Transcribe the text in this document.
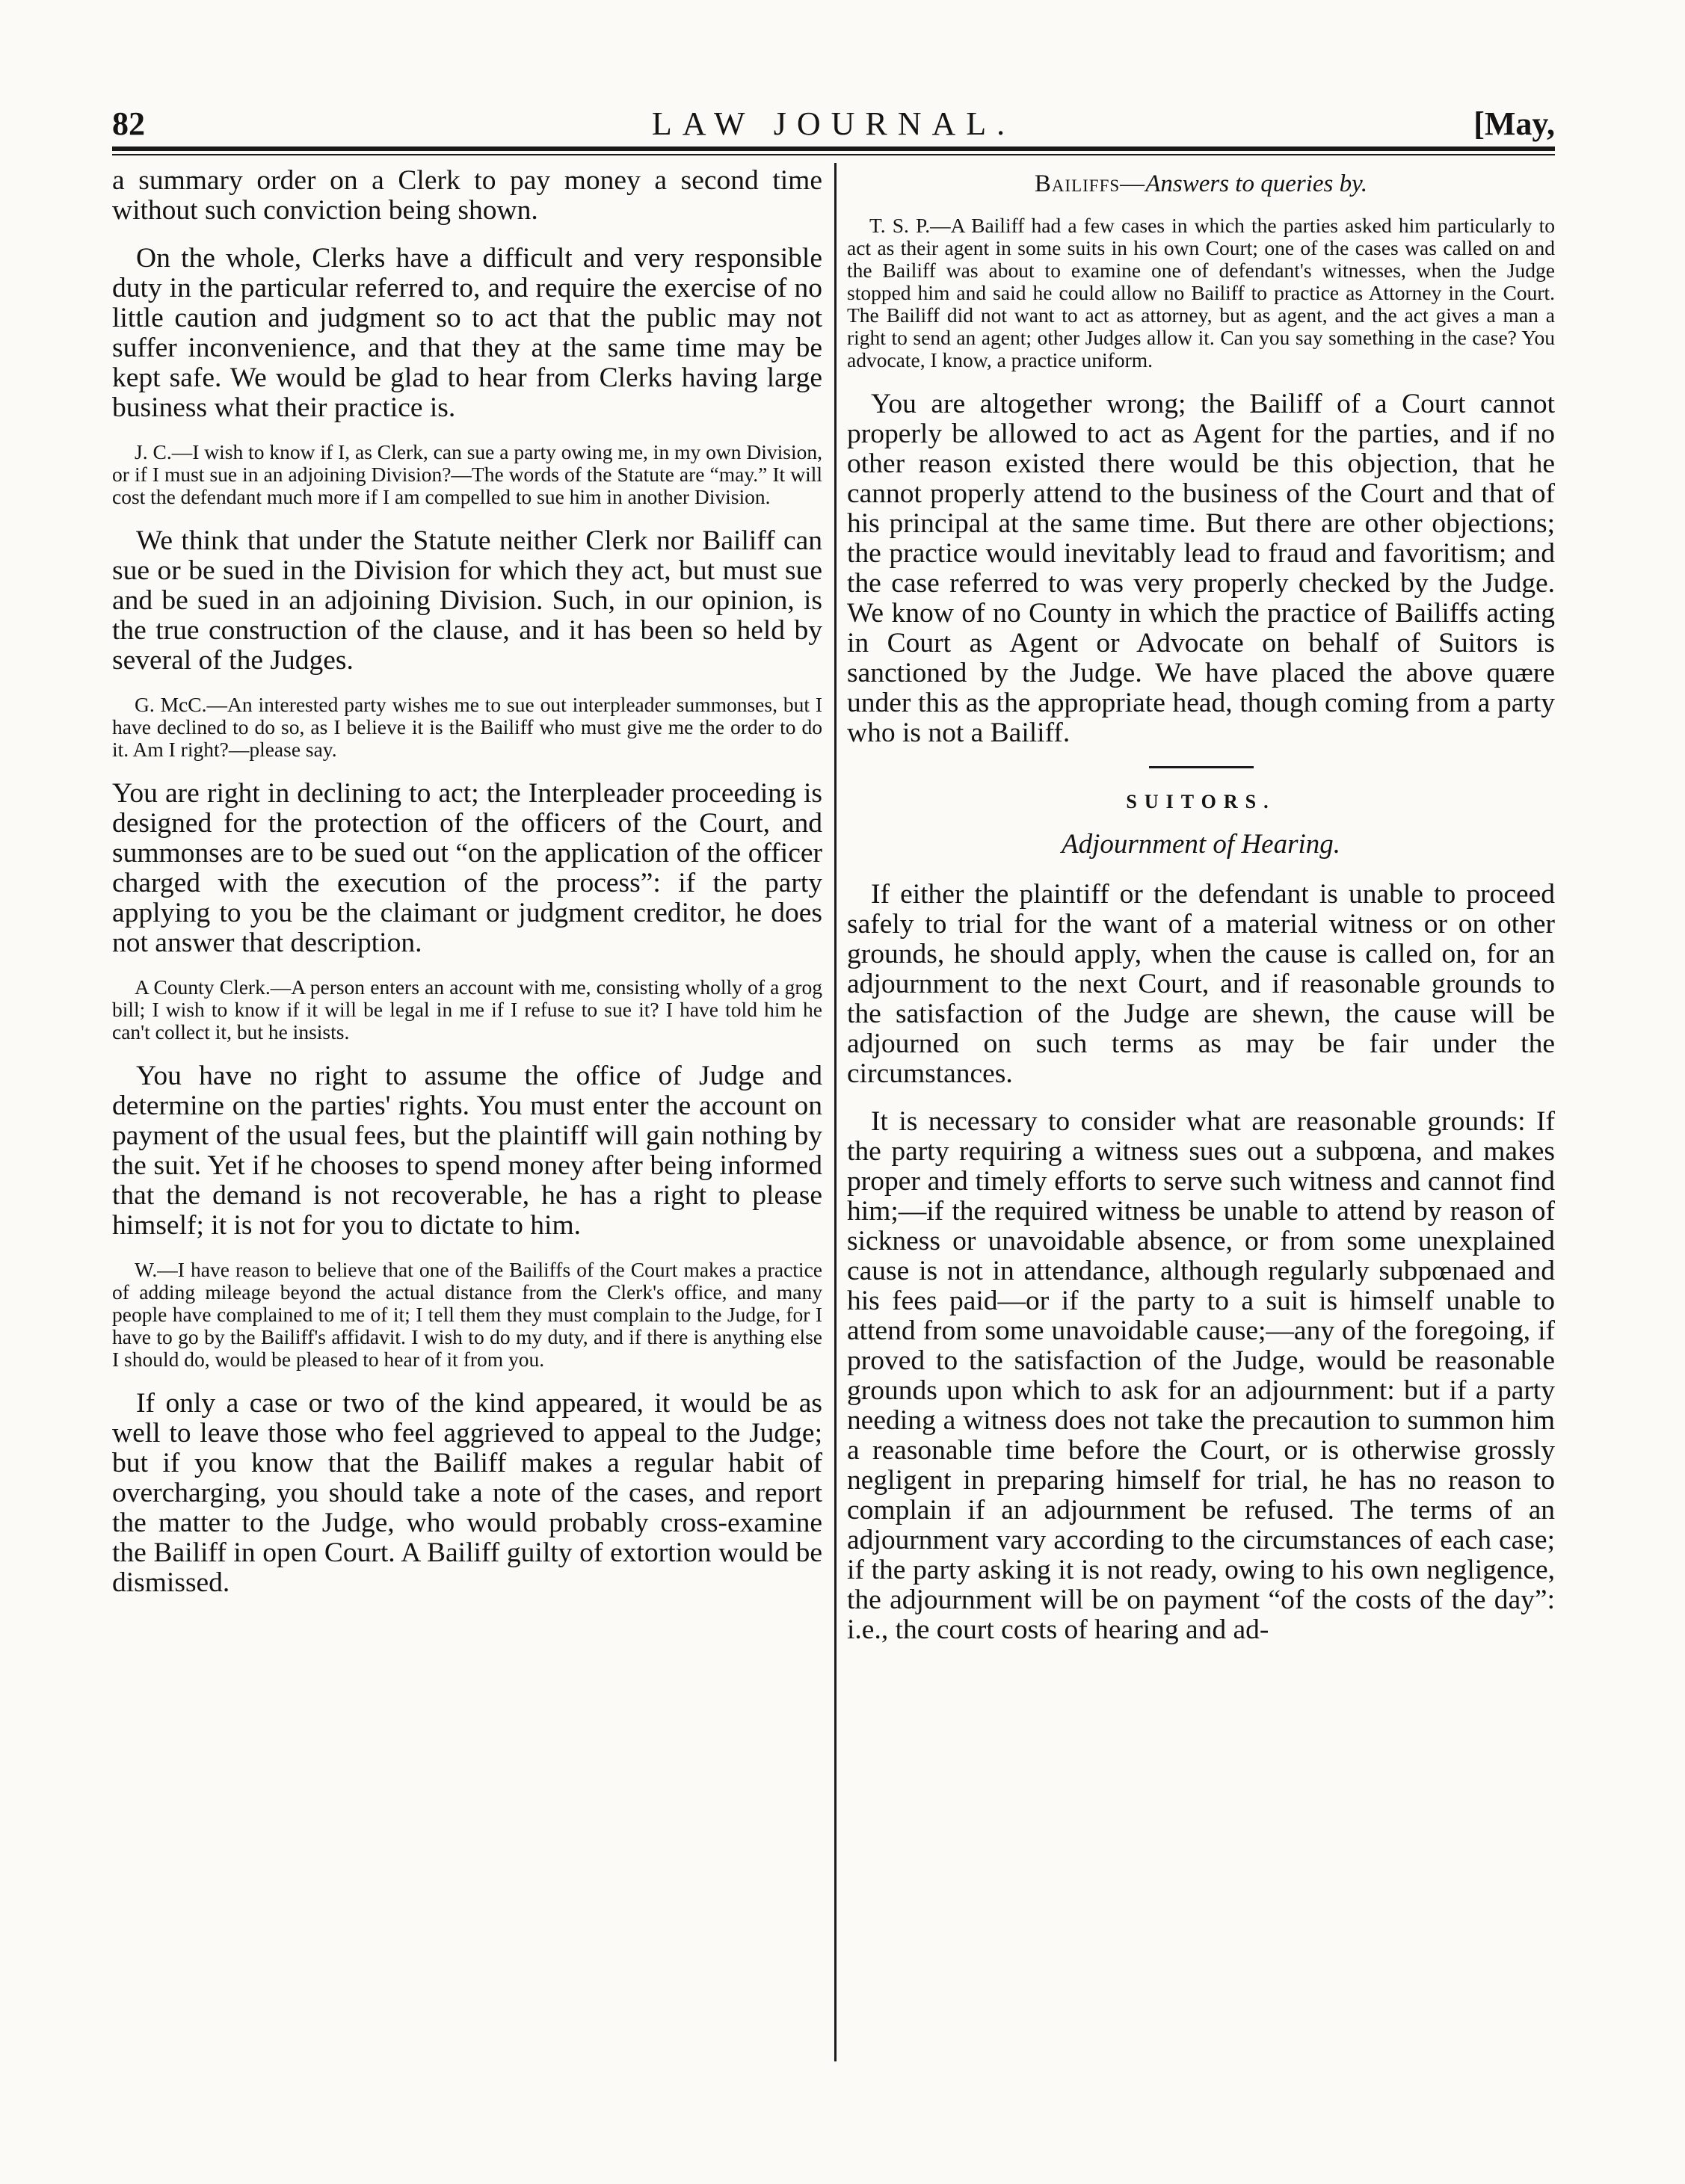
82	LAW JOURNAL.	[May,

a summary order on a Clerk to pay money a second time without such conviction being shown.

On the whole, Clerks have a difficult and very responsible duty in the particular referred to, and require the exercise of no little caution and judgment so to act that the public may not suffer inconvenience, and that they at the same time may be kept safe. We would be glad to hear from Clerks having large business what their practice is.

J. C.—I wish to know if I, as Clerk, can sue a party owing me, in my own Division, or if I must sue in an adjoining Division?—The words of the Statute are “may.” It will cost the defendant much more if I am compelled to sue him in another Division.

We think that under the Statute neither Clerk nor Bailiff can sue or be sued in the Division for which they act, but must sue and be sued in an adjoining Division. Such, in our opinion, is the true construction of the clause, and it has been so held by several of the Judges.

G. McC.—An interested party wishes me to sue out interpleader summonses, but I have declined to do so, as I believe it is the Bailiff who must give me the order to do it. Am I right?—please say.

You are right in declining to act; the Interpleader proceeding is designed for the protection of the officers of the Court, and summonses are to be sued out “on the application of the officer charged with the execution of the process”: if the party applying to you be the claimant or judgment creditor, he does not answer that description.

A County Clerk.—A person enters an account with me, consisting wholly of a grog bill; I wish to know if it will be legal in me if I refuse to sue it? I have told him he can't collect it, but he insists.

You have no right to assume the office of Judge and determine on the parties' rights. You must enter the account on payment of the usual fees, but the plaintiff will gain nothing by the suit. Yet if he chooses to spend money after being informed that the demand is not recoverable, he has a right to please himself; it is not for you to dictate to him.

W.—I have reason to believe that one of the Bailiffs of the Court makes a practice of adding mileage beyond the actual distance from the Clerk's office, and many people have complained to me of it; I tell them they must complain to the Judge, for I have to go by the Bailiff's affidavit. I wish to do my duty, and if there is anything else I should do, would be pleased to hear of it from you.

If only a case or two of the kind appeared, it would be as well to leave those who feel aggrieved to appeal to the Judge; but if you know that the Bailiff makes a regular habit of overcharging, you should take a note of the cases, and report the matter to the Judge, who would probably cross-examine the Bailiff in open Court. A Bailiff guilty of extortion would be dismissed.

Bailiffs—Answers to queries by.

T. S. P.—A Bailiff had a few cases in which the parties asked him particularly to act as their agent in some suits in his own Court; one of the cases was called on and the Bailiff was about to examine one of defendant's witnesses, when the Judge stopped him and said he could allow no Bailiff to practice as Attorney in the Court. The Bailiff did not want to act as attorney, but as agent, and the act gives a man a right to send an agent; other Judges allow it. Can you say something in the case? You advocate, I know, a practice uniform.

You are altogether wrong; the Bailiff of a Court cannot properly be allowed to act as Agent for the parties, and if no other reason existed there would be this objection, that he cannot properly attend to the business of the Court and that of his principal at the same time. But there are other objections; the practice would inevitably lead to fraud and favoritism; and the case referred to was very properly checked by the Judge. We know of no County in which the practice of Bailiffs acting in Court as Agent or Advocate on behalf of Suitors is sanctioned by the Judge. We have placed the above quære under this as the appropriate head, though coming from a party who is not a Bailiff.

SUITORS.
Adjournment of Hearing.

If either the plaintiff or the defendant is unable to proceed safely to trial for the want of a material witness or on other grounds, he should apply, when the cause is called on, for an adjournment to the next Court, and if reasonable grounds to the satisfaction of the Judge are shewn, the cause will be adjourned on such terms as may be fair under the circumstances.

It is necessary to consider what are reasonable grounds: If the party requiring a witness sues out a subpœna, and makes proper and timely efforts to serve such witness and cannot find him;—if the required witness be unable to attend by reason of sickness or unavoidable absence, or from some unexplained cause is not in attendance, although regularly subpœnaed and his fees paid—or if the party to a suit is himself unable to attend from some unavoidable cause;—any of the foregoing, if proved to the satisfaction of the Judge, would be reasonable grounds upon which to ask for an adjournment: but if a party needing a witness does not take the precaution to summon him a reasonable time before the Court, or is otherwise grossly negligent in preparing himself for trial, he has no reason to complain if an adjournment be refused. The terms of an adjournment vary according to the circumstances of each case; if the party asking it is not ready, owing to his own negligence, the adjournment will be on payment “of the costs of the day”: i.e., the court costs of hearing and ad-
